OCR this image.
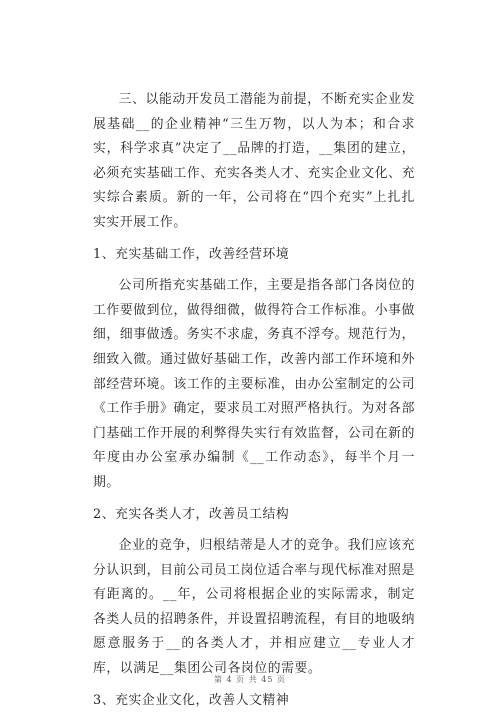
三、以能动开发员工潜能为前提，不断充实企业发展基础__的企业精神“三生万物，以人为本；和合求实，科学求真”决定了__品牌的打造，__集团的建立，必须充实基础工作、充实各类人才、充实企业文化、充实综合素质。新的一年，公司将在“四个充实”上扎扎实实开展工作。

1、充实基础工作，改善经营环境

公司所指充实基础工作，主要是指各部门各岗位的工作要做到位，做得细微，做得符合工作标准。小事做细，细事做透。务实不求虚，务真不浮夸。规范行为，细致入微。通过做好基础工作，改善内部工作环境和外部经营环境。该工作的主要标准，由办公室制定的公司《工作手册》确定，要求员工对照严格执行。为对各部门基础工作开展的利弊得失实行有效监督，公司在新的年度由办公室承办编制《__工作动态》，每半个月一期。

2、充实各类人才，改善员工结构

企业的竞争，归根结蒂是人才的竞争。我们应该充分认识到，目前公司员工岗位适合率与现代标准对照是有距离的。__年，公司将根据企业的实际需求，制定各类人员的招聘条件，并设置招聘流程，有目的地吸纳愿意服务于__的各类人才，并相应建立__专业人才库，以满足__集团公司各岗位的需要。

3、充实企业文化，改善人文精神

第 4 页 共 45 页
